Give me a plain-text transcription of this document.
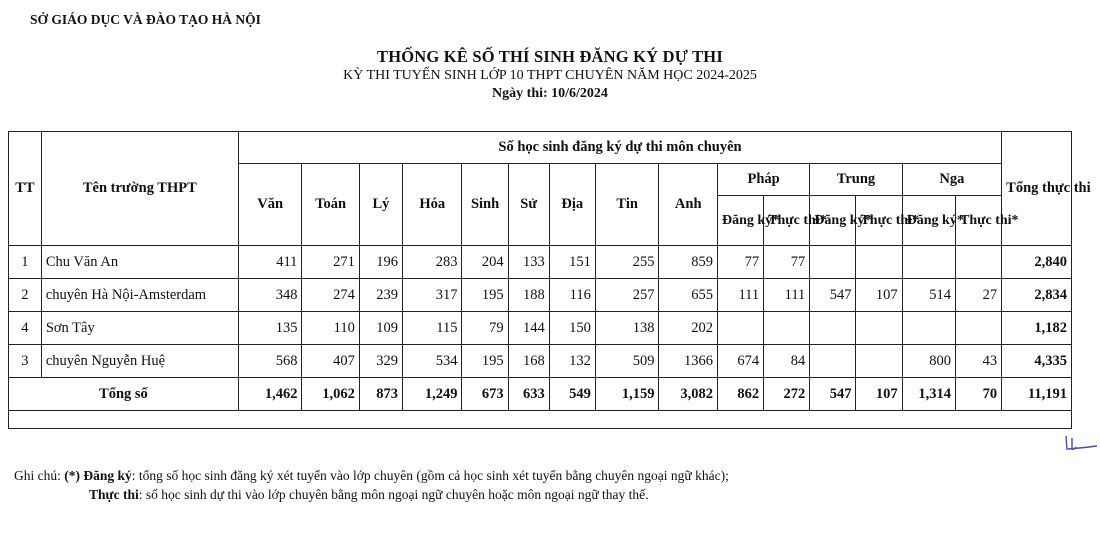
SỞ GIÁO DỤC VÀ ĐÀO TẠO HÀ NỘI
THỐNG KÊ SỐ THÍ SINH ĐĂNG KÝ DỰ THI
KỲ THI TUYỂN SINH LỚP 10 THPT CHUYÊN NĂM HỌC 2024-2025
Ngày thi: 10/6/2024
TT	Tên trường THPT	Số học sinh đăng ký dự thi môn chuyên															Tổng thực thi
		Văn	Toán	Lý	Hóa	Sinh	Sử	Địa	Tin	Anh	Pháp		Trung		Nga		
											Đăng ký*	Thực thi*	Đăng ký*	Thực thi*	Đăng ký*	Thực thi*	
1	Chu Văn An	411	271	196	283	204	133	151	255	859	77	77					2,840
2	chuyên Hà Nội-Amsterdam	348	274	239	317	195	188	116	257	655	111	111	547	107	514	27	2,834
4	Sơn Tây	135	110	109	115	79	144	150	138	202							1,182
3	chuyên Nguyễn Huệ	568	407	329	534	195	168	132	509	1366	674	84			800	43	4,335
Tổng số		1,462	1,062	873	1,249	673	633	549	1,159	3,082	862	272	547	107	1,314	70	11,191
Ghi chú: (*) Đăng ký: tổng số học sinh đăng ký xét tuyển vào lớp chuyên (gồm cả học sinh xét tuyển bằng chuyên ngoại ngữ khác);
Thực thi: số học sinh dự thi vào lớp chuyên bằng môn ngoại ngữ chuyên hoặc môn ngoại ngữ thay thế.
